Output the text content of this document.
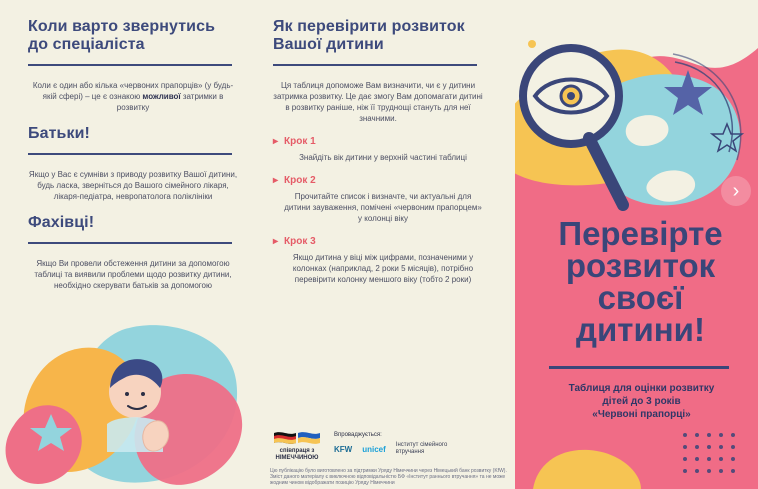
Коли варто звернутись до спеціаліста

Коли є один або кілька «червоних прапорців» (у будь-якій сфері) – це є ознакою можливої затримки в розвитку

Батьки!

Якщо у Вас є сумніви з приводу розвитку Вашої дитини, будь ласка, зверніться до Вашого сімейного лікаря, лікаря-педіатра, невропатолога поліклініки

Фахівці!

Якщо Ви провели обстеження дитини за допомогою таблиці та виявили проблеми щодо розвитку дитини, необхідно скерувати батьків за допомогою

Як перевірити розвиток Вашої дитини

Ця таблиця допоможе Вам визначити, чи є у дитини затримка розвитку. Це дає змогу Вам допомагати дитині в розвитку раніше, ніж її труднощі стануть для неї значними.

▸ Крок 1

Знайдіть вік дитини у верхній частині таблиці

▸ Крок 2

Прочитайте список і визначте, чи актуальні для дитини зауваження, помічені «червоним прапорцем» у колонці віку

▸ Крок 3

Якщо дитина у віці між цифрами, позначеними у колонках (наприклад, 2 роки 5 місяців), потрібно перевірити колонку меншого віку (тобто 2 роки)

›
Перевірте
розвиток
своєї
дитини!
Таблиця для оцінки розвитку
дітей до 3 років
«Червоні прапорці»
співпраця з НІМЕЧЧИНОЮ
Впроваджується:
KFW unicef Інститут сімейного втручання
Цю публікацію було виготовлено за підтримки Уряду Німеччини через Німецький банк розвитку (KfW). Зміст даного матеріалу є виключною відповідальністю БФ «Інститут раннього втручання» та не може жодним чином відображати позицію Уряду Німеччини
